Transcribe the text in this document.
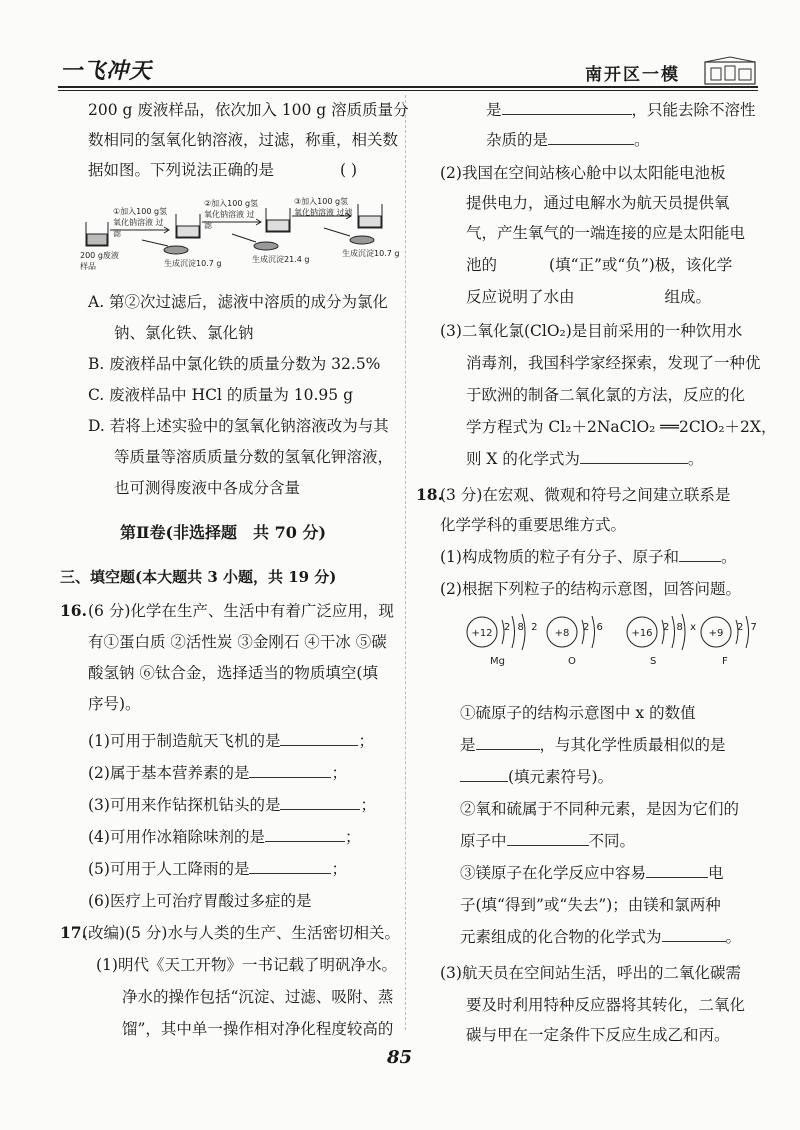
一飞冲天	南开区一模
200 g 废液样品，依次加入 100 g 溶质质量分
数相同的氢氧化钠溶液，过滤，称重，相关数
据如图。下列说法正确的是	( )
①加入100 g氢氧化钠溶液 过滤
②加入100 g氢氧化钠溶液 过滤
③加入100 g氢氧化钠溶液 过滤
200 g废液样品	生成沉淀10.7 g	生成沉淀21.4 g
生成沉淀10.7 g
A. 第②次过滤后，滤液中溶质的成分为氯化
钠、氯化铁、氯化钠
B. 废液样品中氯化铁的质量分数为 32.5%
C. 废液样品中 HCl 的质量为 10.95 g
D. 若将上述实验中的氢氧化钠溶液改为与其
等质量等溶质质量分数的氢氧化钾溶液，
也可测得废液中各成分含量
第Ⅱ卷(非选择题　共 70 分)
三、填空题(本大题共 3 小题，共 19 分)
16. (6 分)化学在生产、生活中有着广泛应用，现
有①蛋白质 ②活性炭 ③金刚石 ④干冰 ⑤碳
酸氢钠 ⑥钛合金，选择适当的物质填空(填
序号)。
(1)可用于制造航天飞机的是	；
(2)属于基本营养素的是	；
(3)可用来作钻探机钻头的是	；
(4)可用作冰箱除味剂的是	；
(5)可用于人工降雨的是	；
(6)医疗上可治疗胃酸过多症的是
17.
(改编)(5 分)水与人类的生产、生活密切相关。
(1)明代《天工开物》一书记载了明矾净水。
净水的操作包括“沉淀、过滤、吸附、蒸
馏”，其中单一操作相对净化程度较高的
是	，只能去除不溶性
杂质的是	。
(2)我国在空间站核心舱中以太阳能电池板
提供电力，通过电解水为航天员提供氧
气，产生氧气的一端连接的应是太阳能电
池的	(填“正”或“负”)极，该化学
反应说明了水由	组成。
(3)二氧化氯(ClO₂)是目前采用的一种饮用水
消毒剂，我国科学家经探索，发现了一种优
于欧洲的制备二氧化氯的方法，反应的化
学方程式为 Cl₂＋2NaClO₂ ══2ClO₂＋2X，
则 X 的化学式为	。
18.
(3 分)在宏观、微观和符号之间建立联系是
化学学科的重要思维方式。
(1)构成物质的粒子有分子、原子和	。
(2)根据下列粒子的结构示意图，回答问题。
+12
2 8 2
Mg
+8
2 6
O
+16
2 8 x
S
+9
2 7
F
①硫原子的结构示意图中 x 的数值
是	，与其化学性质最相似的是
(填元素符号)。
②氧和硫属于不同种元素，是因为它们的
原子中	不同。
③镁原子在化学反应中容易	电
子(填“得到”或“失去”)；由镁和氯两种
元素组成的化合物的化学式为	。
(3)航天员在空间站生活，呼出的二氧化碳需
要及时利用特种反应器将其转化，二氧化
碳与甲在一定条件下反应生成乙和丙。
85
